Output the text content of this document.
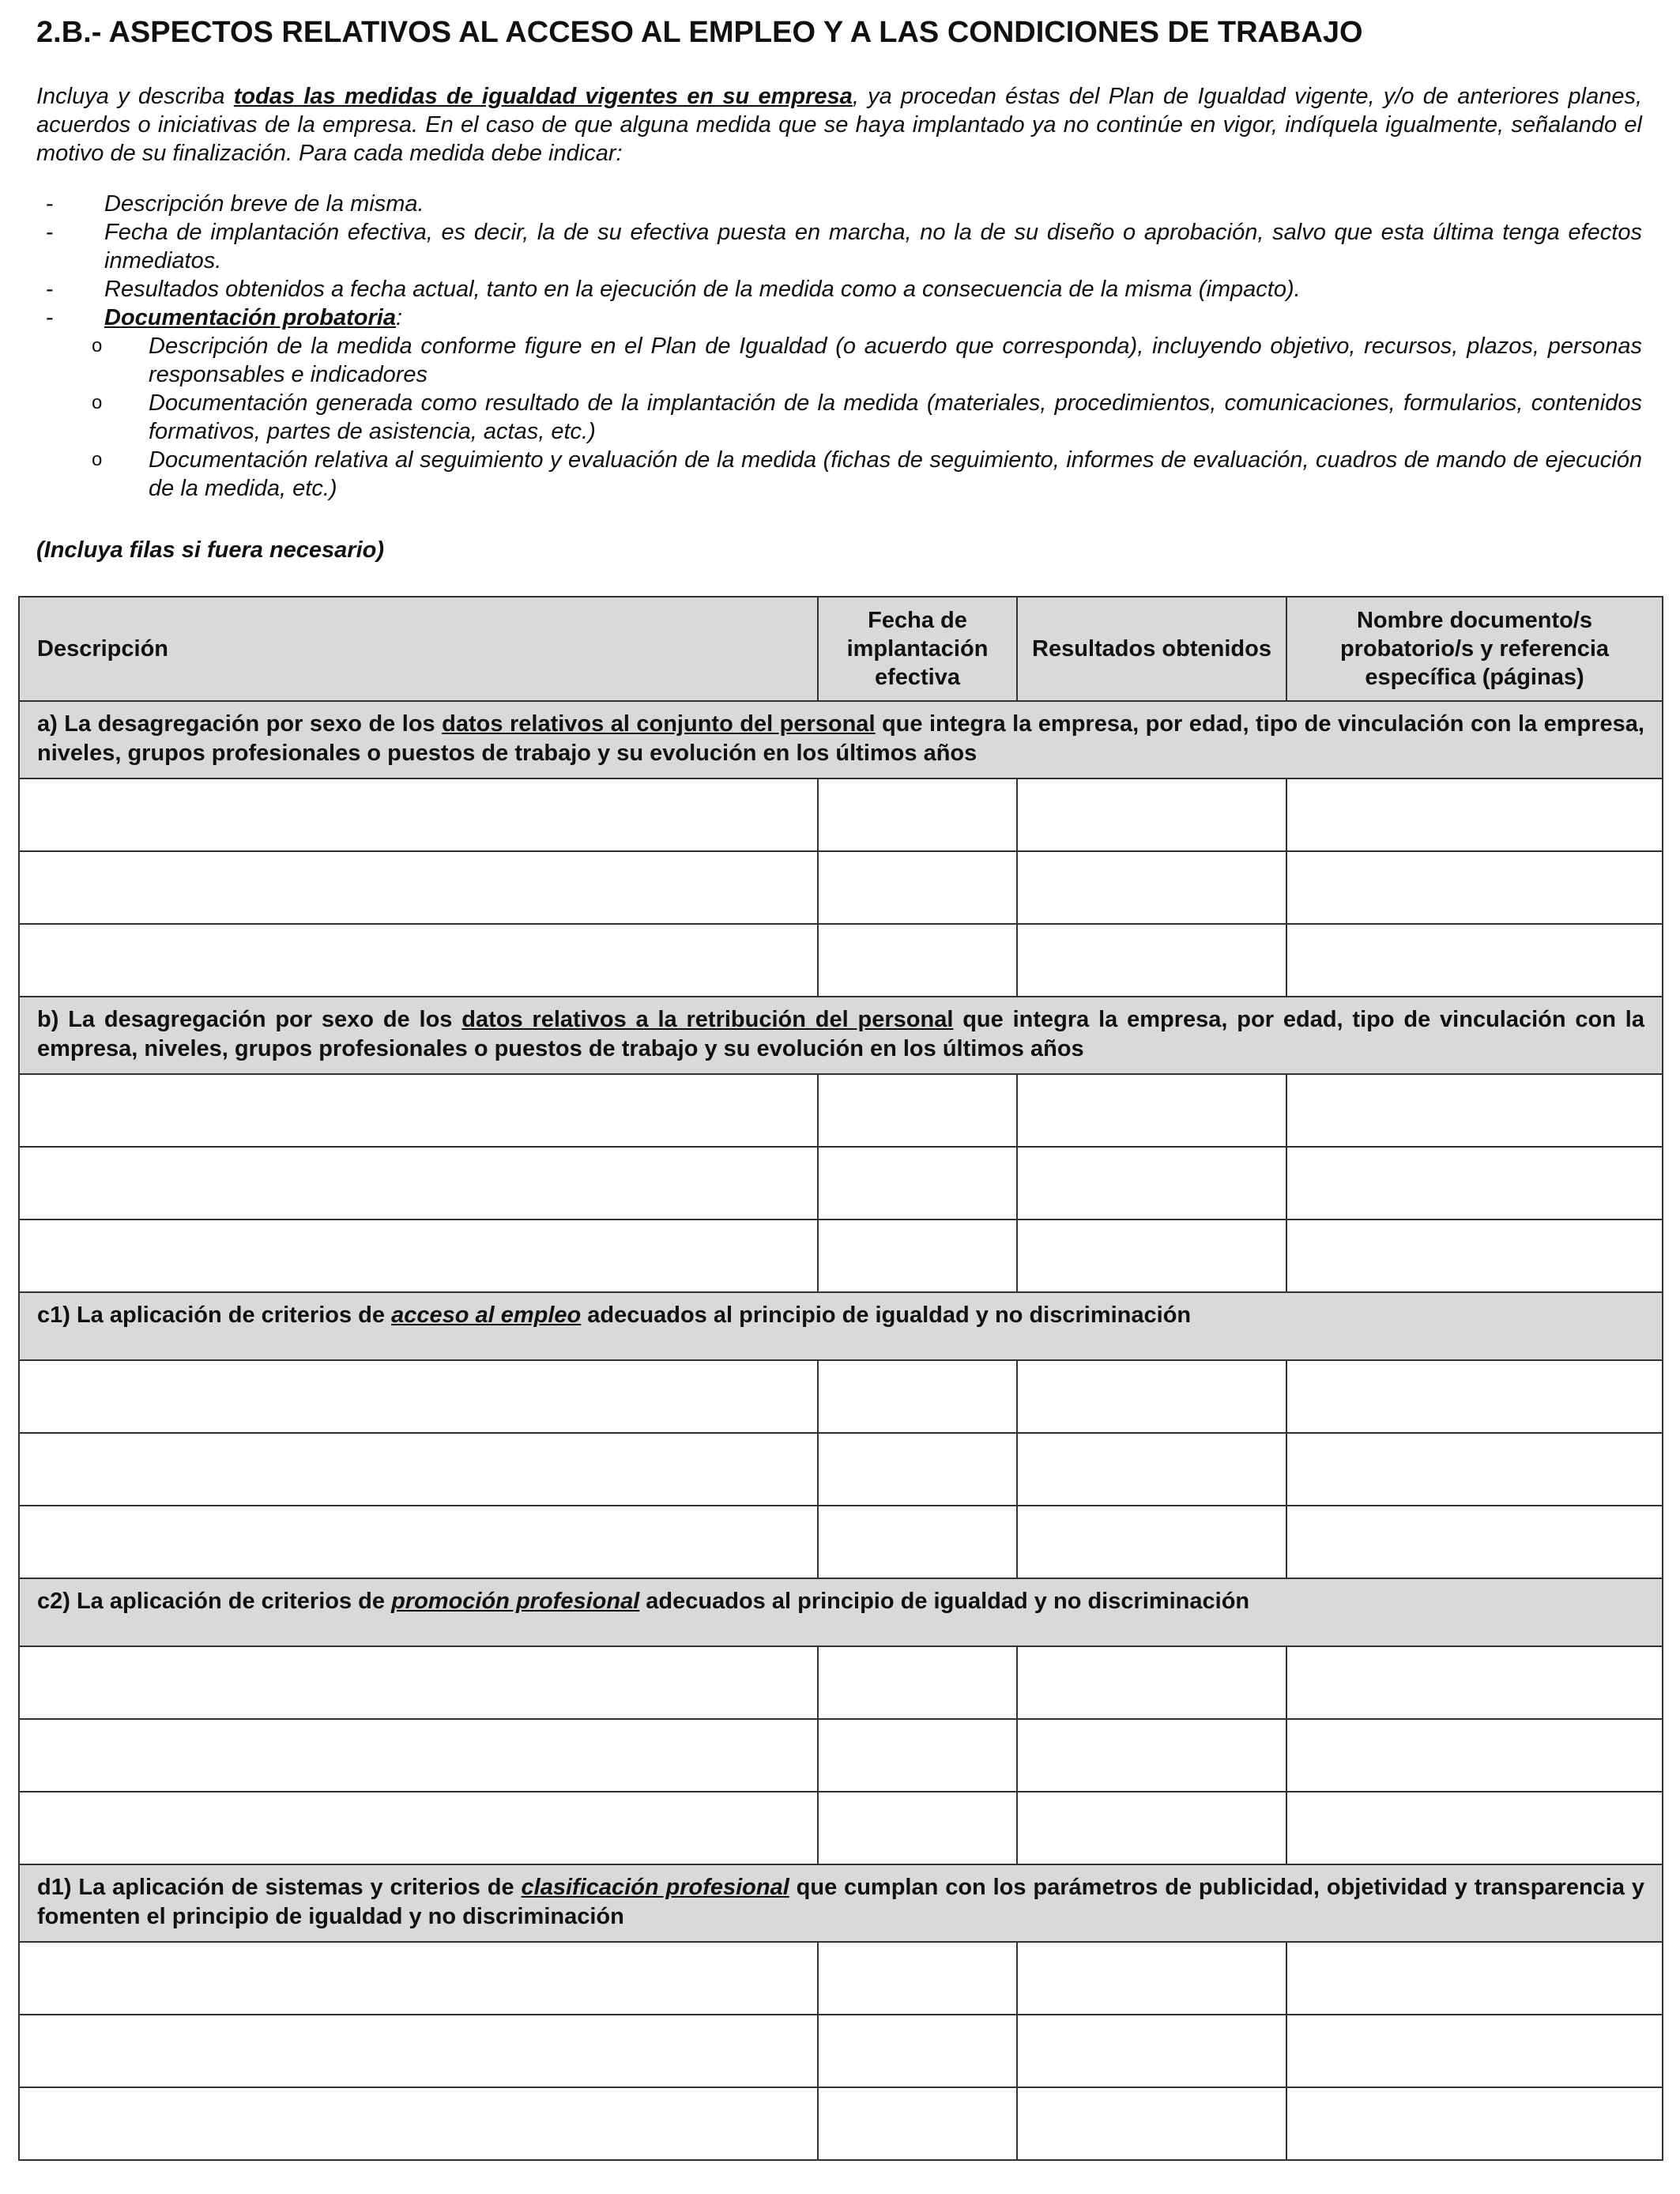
2.B.- ASPECTOS RELATIVOS AL ACCESO AL EMPLEO Y A LAS CONDICIONES DE TRABAJO
Incluya y describa todas las medidas de igualdad vigentes en su empresa, ya procedan éstas del Plan de Igualdad vigente, y/o de anteriores planes, acuerdos o iniciativas de la empresa. En el caso de que alguna medida que se haya implantado ya no continúe en vigor, indíquela igualmente, señalando el motivo de su finalización. Para cada medida debe indicar:
- Descripción breve de la misma.
- Fecha de implantación efectiva, es decir, la de su efectiva puesta en marcha, no la de su diseño o aprobación, salvo que esta última tenga efectos inmediatos.
- Resultados obtenidos a fecha actual, tanto en la ejecución de la medida como a consecuencia de la misma (impacto).
- Documentación probatoria:
o Descripción de la medida conforme figure en el Plan de Igualdad (o acuerdo que corresponda), incluyendo objetivo, recursos, plazos, personas responsables e indicadores
o Documentación generada como resultado de la implantación de la medida (materiales, procedimientos, comunicaciones, formularios, contenidos formativos, partes de asistencia, actas, etc.)
o Documentación relativa al seguimiento y evaluación de la medida (fichas de seguimiento, informes de evaluación, cuadros de mando de ejecución de la medida, etc.)
(Incluya filas si fuera necesario)
Descripción	Fecha de implantación efectiva	Resultados obtenidos	Nombre documento/s probatorio/s y referencia específica (páginas)
a) La desagregación por sexo de los datos relativos al conjunto del personal que integra la empresa, por edad, tipo de vinculación con la empresa, niveles, grupos profesionales o puestos de trabajo y su evolución en los últimos años			

b) La desagregación por sexo de los datos relativos a la retribución del personal que integra la empresa, por edad, tipo de vinculación con la empresa, niveles, grupos profesionales o puestos de trabajo y su evolución en los últimos años			

c1) La aplicación de criterios de acceso al empleo adecuados al principio de igualdad y no discriminación			

c2) La aplicación de criterios de promoción profesional adecuados al principio de igualdad y no discriminación			

d1) La aplicación de sistemas y criterios de clasificación profesional que cumplan con los parámetros de publicidad, objetividad y transparencia y fomenten el principio de igualdad y no discriminación			
